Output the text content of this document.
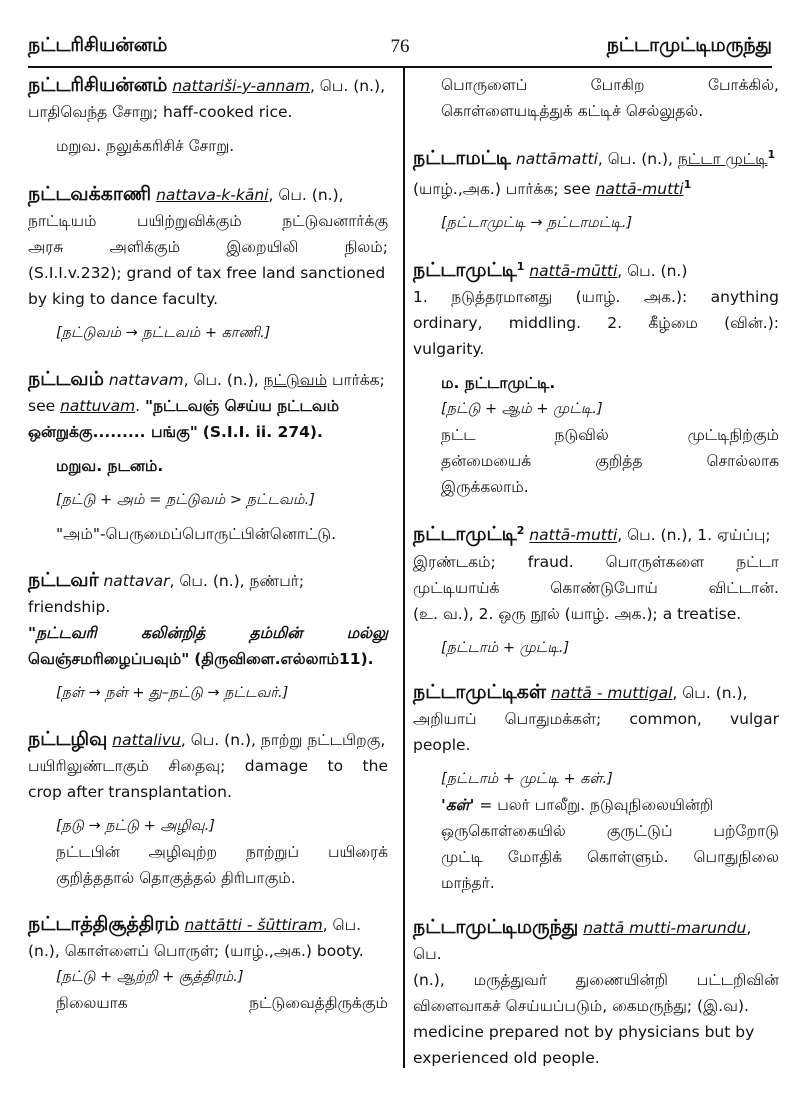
நட்டரிசியன்னம்	76	நட்டாமுட்டிமருந்து

நட்டரிசியன்னம் nattariši-y-annam, பெ. (n.),

பாதிவெந்த சோறு; haff-cooked rice.

மறுவ. நலுக்கரிசிச் சோறு.

நட்டவக்காணி nattava-k-kāni, பெ. (n.),

நாட்டியம் பயிற்றுவிக்கும் நட்டுவனார்க்கு

அரசு அளிக்கும் இறையிலி நிலம்;

(S.I.I.v.232); grand of tax free land sanctioned

by king to dance faculty.

[நட்டுவம் → நட்டவம் + காணி.]

நட்டவம் nattavam, பெ. (n.), நட்டுவம் பார்க்க;

see nattuvam. "நட்டவஞ் செய்ய நட்டவம்

ஒன்றுக்கு......... பங்கு" (S.I.I. ii. 274).

மறுவ. நடனம்.

[நட்டு + அம் = நட்டுவம் > நட்டவம்.]

"அம்"-பெருமைப்பொருட்பின்னொட்டு.

நட்டவர் nattavar, பெ. (n.), நண்பர்; friendship.

"நட்டவரி கலின்றித் தம்மின் மல்லு

வெஞ்சமரிழைப்பவும்" (திருவிளை.எல்லாம்11).

[நள் → நள் + து–நட்டு → நட்டவர்.]

நட்டழிவு nattalivu, பெ. (n.), நாற்று நட்டபிறகு,

பயிரிலுண்டாகும் சிதைவு; damage to the

crop after transplantation.

[நடு → நட்டு + அழிவு.]

நட்டபின் அழிவுற்ற நாற்றுப் பயிரைக்

குறித்ததால் தொகுத்தல் திரிபாகும்.

நட்டாத்திசூத்திரம் nattātti - šūttiram, பெ.

(n.), கொள்ளைப் பொருள்; (யாழ்.,அக.) booty.

[நட்டு + ஆற்றி + சூத்திரம்.]

நிலையாக நட்டுவைத்திருக்கும்

பொருளைப் போகிற போக்கில்,

கொள்ளையடித்துக் கட்டிச் செல்லுதல்.

நட்டாமட்டி nattāmatti, பெ. (n.), நட்டா முட்டி$^1$

(யாழ்.,அக.) பார்க்க; see nattā-mutti$^1$

[நட்டாமுட்டி → நட்டாமட்டி.]

நட்டாமுட்டி$^1$ nattā-mūtti, பெ. (n.)

1. நடுத்தரமானது (யாழ். அக.): anything

ordinary, middling. 2. கீழ்மை (வின்.):

vulgarity.

ம. நட்டாமுட்டி.

[நட்டு + ஆம் + முட்டி.]

நட்ட நடுவில் முட்டிநிற்கும்

தன்மையைக் குறித்த சொல்லாக

இருக்கலாம்.

நட்டாமுட்டி$^2$ nattā-mutti, பெ. (n.), 1. ஏய்ப்பு;

இரண்டகம்; fraud. பொருள்களை நட்டா

முட்டியாய்க் கொண்டுபோய் விட்டான்.

(உ. வ.), 2. ஒரு நூல் (யாழ். அக.); a treatise.

[நட்டாம் + முட்டி.]

நட்டாமுட்டிகள் nattā - muttigal, பெ. (n.),

அறியாப் பொதுமக்கள்; common, vulgar

people.

[நட்டாம் + முட்டி + கள்.]

'கள்' = பலர் பாலீறு. நடுவுநிலையின்றி

ஒருகொள்கையில் குருட்டுப் பற்றோடு

முட்டி மோதிக் கொள்ளும். பொதுநிலை

மாந்தர்.

நட்டாமுட்டிமருந்து nattā mutti-marundu, பெ.

(n.), மருத்துவர் துணையின்றி பட்டறிவின்

விளைவாகச் செய்யப்படும், கைமருந்து; (இ.வ).

medicine prepared not by physicians but by

experienced old people.
